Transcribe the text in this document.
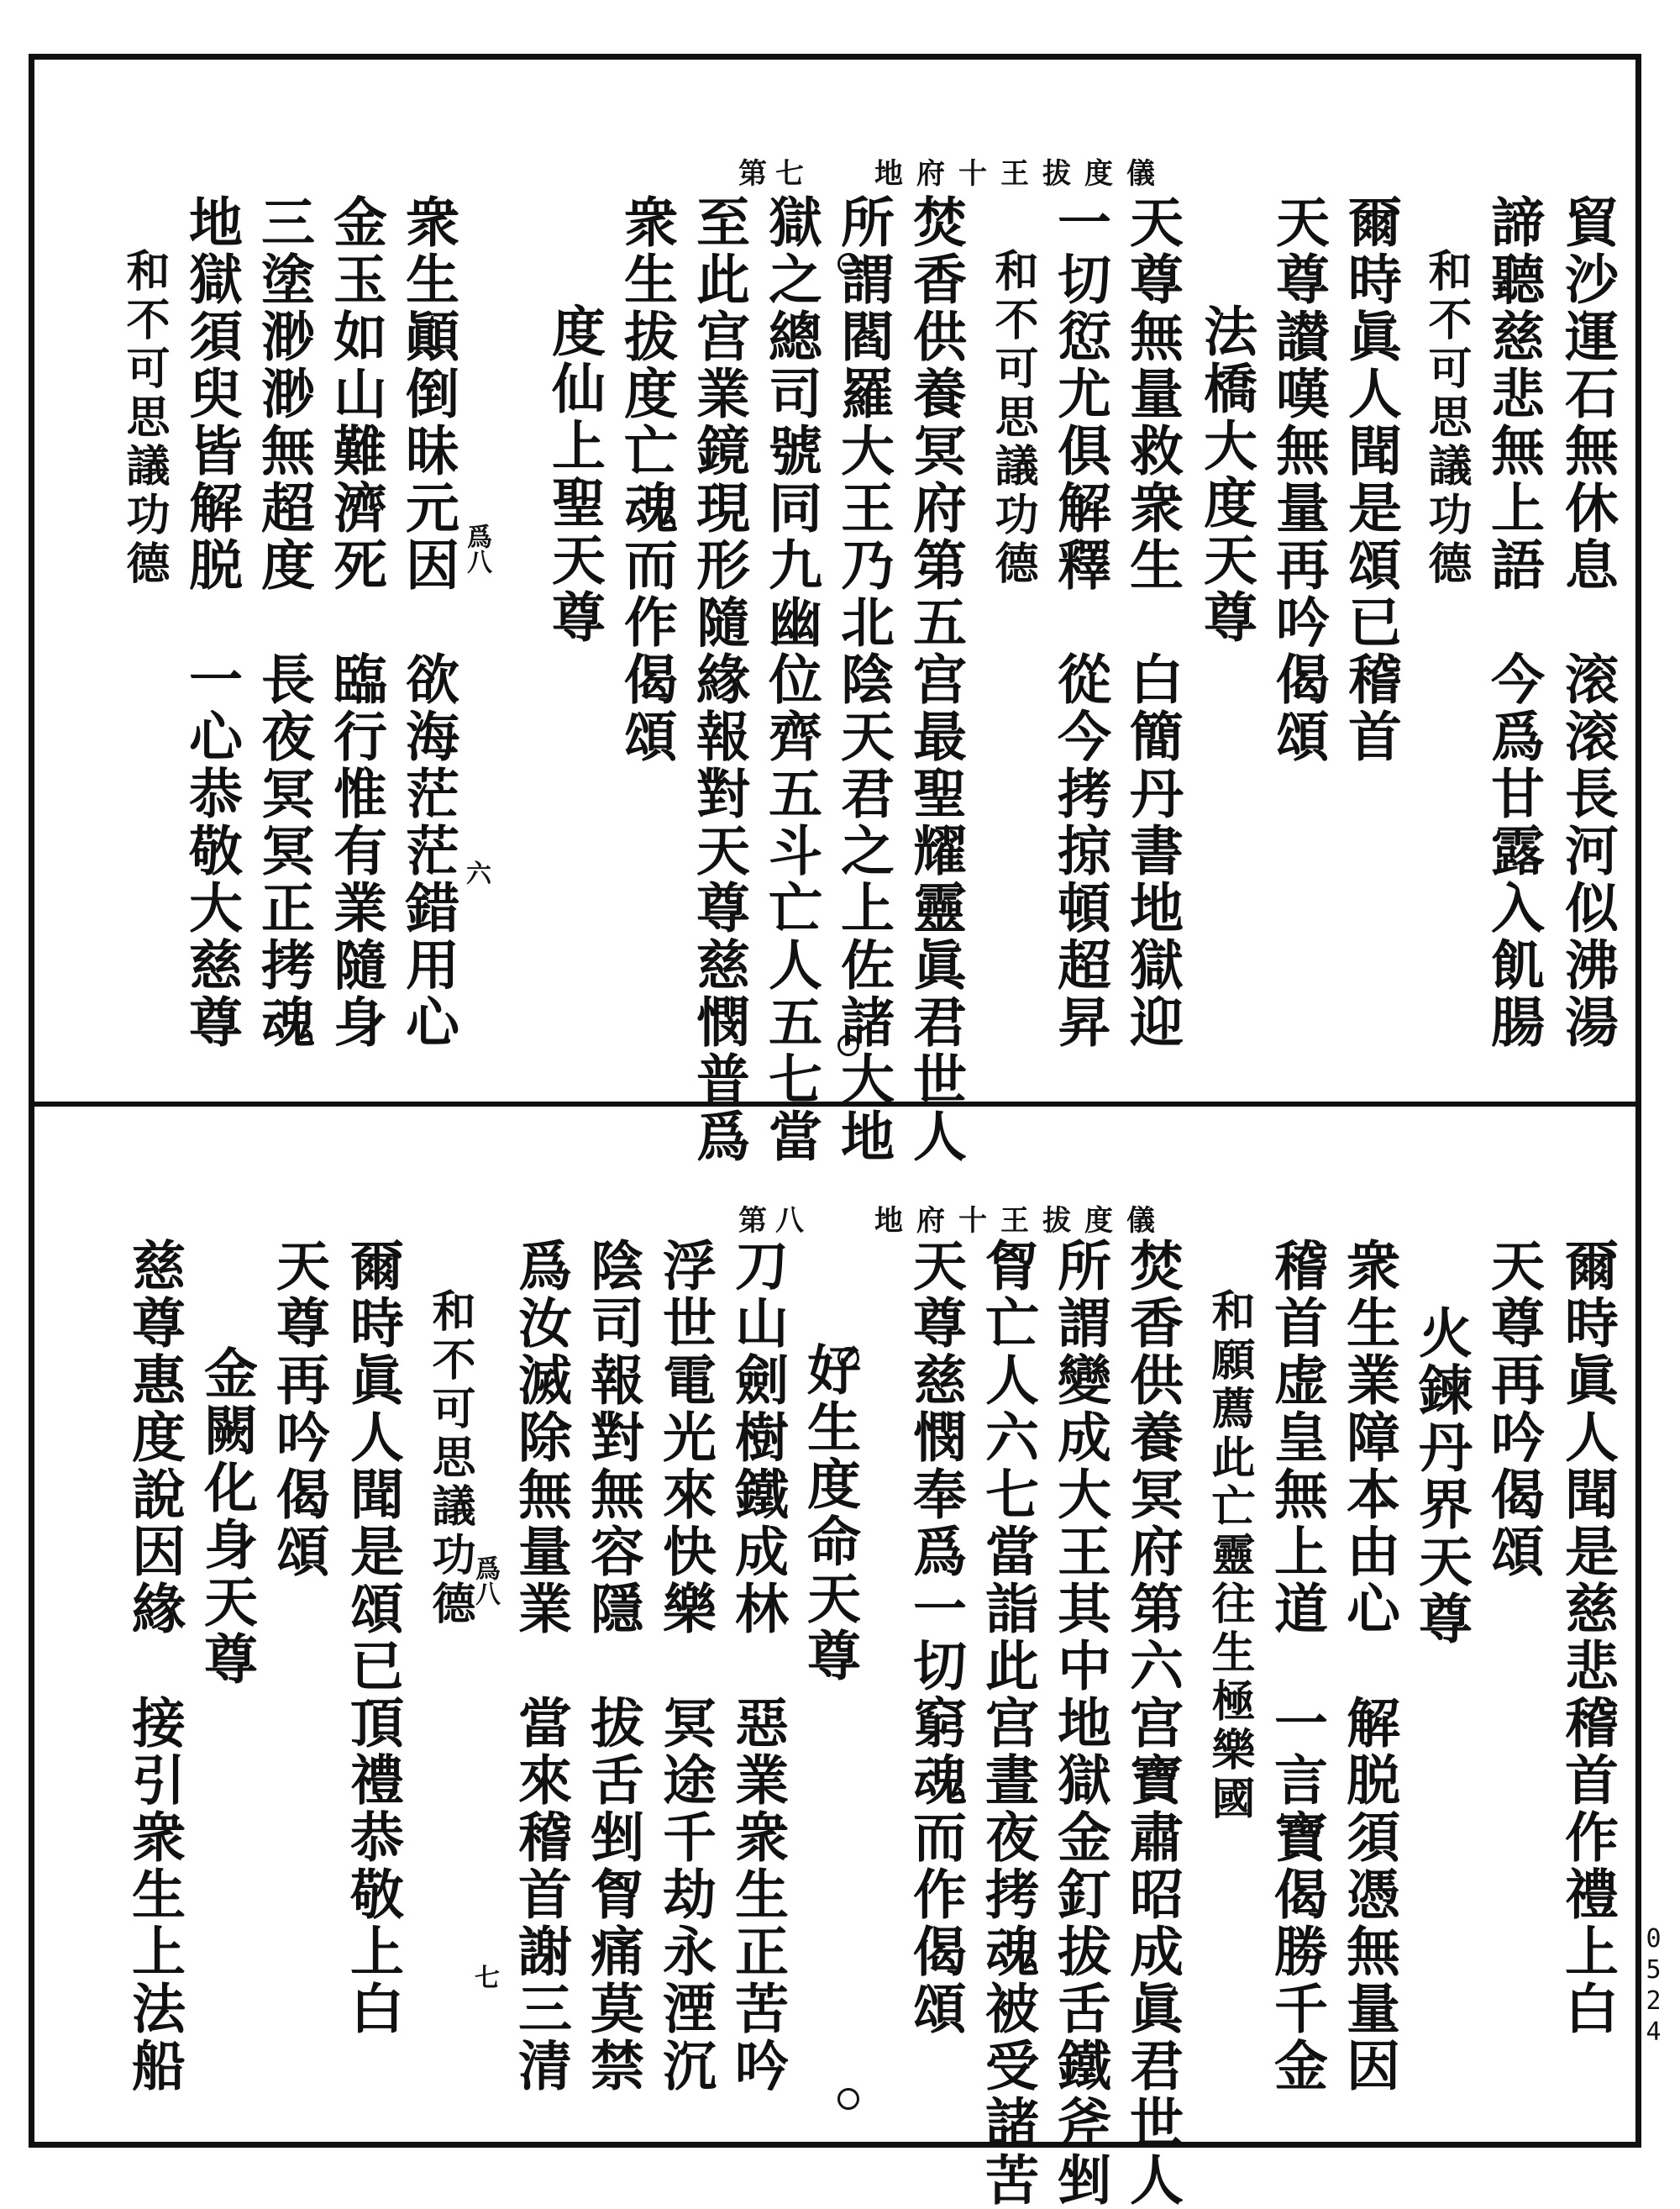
地府十王拔度儀
第七
貿沙運石無休息　滚滚長河似沸湯
諦聽慈悲無上語　今爲甘露入飢腸
和不可思議功德
爾時眞人聞是頌已稽首
天尊讃嘆無量再吟偈頌
法橋大度天尊
天尊無量救衆生　白簡丹書地獄迎
一切愆尤俱解釋　從今拷掠頓超昇
和不可思議功德
焚香供養冥府第五宫最聖耀靈眞君世人
所謂閻羅大王乃北陰天君之上佐諸大地
獄之總司號同九幽位齊五斗亡人五七當
至此宫業鏡現形隨緣報對天尊慈憫普爲
衆生拔度亡魂而作偈頌
度仙上聖天尊
衆生顚倒昧元因　欲海茫茫錯用心
金玉如山難濟死　臨行惟有業隨身
三塗渺渺無超度　長夜冥冥正拷魂
地獄須臾皆解脱　一心恭敬大慈尊
和不可思議功德	爲八
六
地府十王拔度儀
第八
爾時眞人聞是慈悲稽首作禮上白
天尊再吟偈頌
火鍊丹界天尊
衆生業障本由心　解脱須憑無量因
稽首虚皇無上道　一言寶偈勝千金
和願薦此亡靈往生極樂國
焚香供養冥府第六宫寶肅昭成眞君世人
所謂變成大王其中地獄金釘拔舌鐵斧剉
胷亡人六七當詣此宫晝夜拷魂被受諸苦
天尊慈憫奉爲一切窮魂而作偈頌
好生度命天尊
刀山劍樹鐵成林　惡業衆生正苦吟
浮世電光來快樂　冥途千劫永湮沉
陰司報對無容隱　拔舌剉胷痛莫禁
爲汝滅除無量業　當來稽首謝三清
和不可思議功德
爾時眞人聞是頌已頂禮恭敬上白
天尊再吟偈頌
金闕化身天尊
慈尊惠度說因緣　接引衆生上法船	爲八
七	0524
